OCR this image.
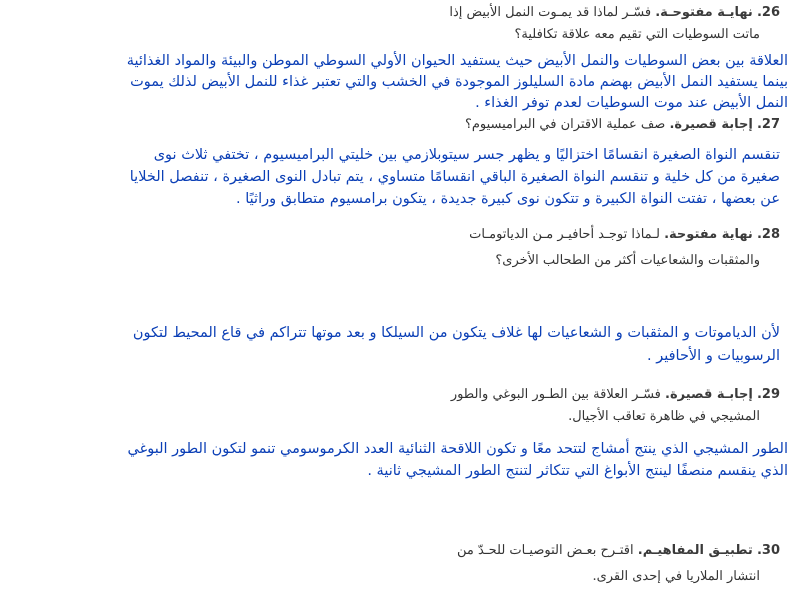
26. نهايـة مفتوحـة. فسّـر لماذا قد يمـوت النمل الأبيض إذا
ماتت السوطيات التي تقيم معه علاقة تكافلية؟
العلاقة بين بعض السوطيات والنمل الأبيض حيث يستفيد الحيوان الأولي السوطي الموطن والبيئة والمواد الغذائية
بينما يستفيد النمل الأبيض بهضم مادة السليلوز الموجودة في الخشب والتي تعتبر غذاء للنمل الأبيض لذلك يموت
النمل الأبيض عند موت السوطيات لعدم توفر الغذاء .
27. إجابة قصيرة. صف عملية الاقتران في البراميسيوم؟
تنقسم النواة الصغيرة انقسامًا اختزاليًا و يظهر جسر سيتوبلازمي بين خليتي البراميسيوم ، تختفي ثلاث نوى
صغيرة من كل خلية و تنقسم النواة الصغيرة الباقي انقسامًا متساوي ، يتم تبادل النوى الصغيرة ، تنفصل الخلايا
عن بعضها ، تفتت النواة الكبيرة و تتكون نوى كبيرة جديدة ، يتكون برامسيوم متطابق وراثيًا .
28. نهاية مفتوحة. لـماذا توجـد أحافيـر مـن الدياتومـات
والمثقبات والشعاعيات أكثر من الطحالب الأخرى؟
لأن الدياموتات و المثقبات و الشعاعيات لها غلاف يتكون من السيلكا و بعد موتها تتراكم في قاع المحيط لتكون
الرسوبيات و الأحافير .
29. إجابـة قصيرة. فسّـر العلاقة بين الطـور البوغي والطور
المشيجي في ظاهرة تعاقب الأجيال.
الطور المشيجي الذي ينتج أمشاج لتتحد معًا و تكون اللاقحة الثنائية العدد الكرموسومي تنمو لتكون الطور البوغي
الذي ينقسم منصفًا لينتج الأبواغ التي تتكاثر لتنتج الطور المشيجي ثانية .
30. تطبيـق المفاهيـم. اقتـرح بعـض التوصيـات للحـدّ من
انتشار الملاريا في إحدى القرى.
